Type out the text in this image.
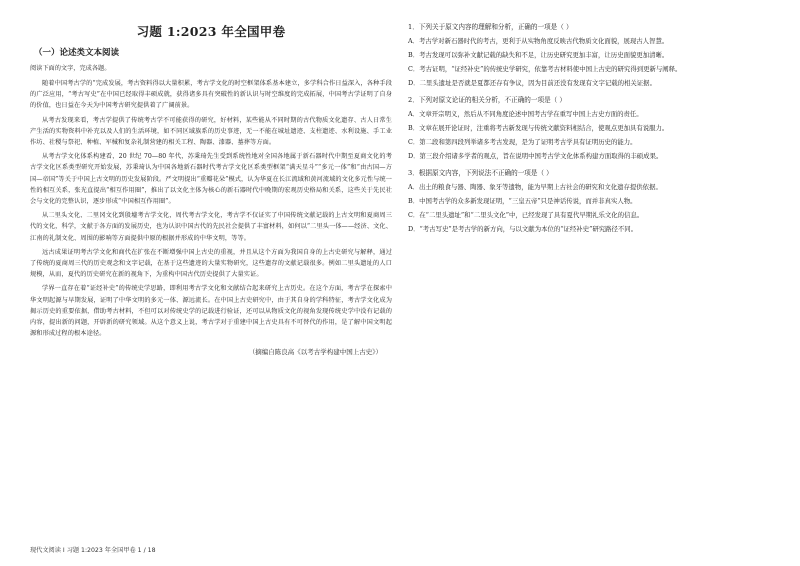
习题 1:2023 年全国甲卷
（一）论述类文本阅读
阅读下面的文字，完成各题。

随着中国考古学的“完成发展，考古资料得以大量积累，考古学文化的时空框架体系基本建立，多学科合作日益深入，各种手段的广泛应用，“考古写史”在中国已经取得丰硕成就，获得诸多具有突破性的新认识与时空维度的完成拓展，中国考古学证明了自身的价值，也日益在今天为中国考古研究提供着了广阔前景。

从考古发现来看，考古学提供了传统考古学不可能获得的研究，好材料，某些能从不同时期的古代物质文化遗存、古人日常生产生活的实物资料中补充以及人们的生活环境，如不同区域族系的历史事迹，无一不能在城址遗迹、支柱遗迹、水利设施、手工业作坊、社稷与祭祀、种植、军械和复杂礼制营建的相关工程、陶器、漆器、墓葬等方面。

从考古学文化体系构建看，20 世纪 70—80 年代，苏秉琦先生受到系统性地对全国各地属于新石器时代中期至夏商文化的考古学文化区系类型研究开始发展，苏秉琦认为中国各地新石器时代考古学文化区系类型框架“满天星斗”“多元一体”和“由古国—方国—帝国”等关于中国上古文明的历史发展阶段。严文明提出“重瓣花朵”模式，认为华夏在长江流域和黄河流域的文化多元性与统一性的相互关系，张光直提出“相互作用圈”，推出了以文化主体为核心的新石器时代中晚期的宏观历史格局和关系，这些关于先民社会与文化的完整认识，逐步形成“中国相互作用圈”。

从二里头文化、二里冈文化到殷墟考古学文化，周代考古学文化，考古学不仅证实了中国传统文献记载的上古文明和夏商周三代的文化，科学，文献于各方面的发展历史，也为认识中国古代的先民社会提供了丰富材料，如何以“二里头一体——经济、文化、江南的礼制文化、周围的影响等方面提供中原的根据并形成的中华文明，等等。

远古成果证明考古学文化和商代在扩张在不断增强中国上古史的重视，并且从这个方面为我国自身的上古史研究与解释，通过了传统的夏商周三代的历史观念和文字记载，在基于这些遗迹的大量实物研究，这些遗存的文献记载很多。例如二里头遗址的人口规模，从而，夏代的历史研究在新的视角下，为重构中国古代历史提供了大量实证。

学界一直存在着“证经补史”的传统史学思路，即利用考古学文化和文献结合起来研究上古历史。在这个方面，考古学在探索中华文明起源与早期发展，证明了中华文明的多元一体、源远流长。在中国上古史研究中，由于其自身的学科特征，考古学文化成为揭示历史的重要依据，借助考古材料，不但可以对传统史学的记载进行验证，还可以从物质文化的视角发现传统史学中没有记载的内容，提出新的问题，开辟新的研究领域。从这个意义上说，考古学对于重建中国上古史具有不可替代的作用，是了解中国文明起源和形成过程的根本途径。

（摘编自陈良高《以考古学构建中国上古史》）
1．下列关于原文内容的理解和分析，正确的一项是（ ）
A．考古学对新石器时代的考古，更利于从实物角度反映古代物质文化面貌，展现古人智慧。
B．考古发现可以弥补文献记载的缺失和不足，让历史研究更加丰富，让历史面貌更加清晰。
C．考古证明，“证经补史”的传统史学研究，依靠考古材料使中国上古史的研究得到更新与阐释。
D．二里头遗址是否就是夏都还存有争议，因为目前还没有发现有文字记载的相关证据。
2．下列对原文论证的相关分析，不正确的一项是（ ）
A．文章开宗明义，然后从不同角度论述中国考古学在重写中国上古史方面的责任。
B．文章在展开论证时，注重将考古新发现与传统文献资料相结合，使观点更加具有说服力。
C．第二段和第四段列举诸多考古发现，是为了证明考古学具有证明历史的能力。
D．第三段介绍诸多学者的观点，旨在说明中国考古学文化体系构建方面取得的丰硕成果。
3．根据原文内容，下列说法不正确的一项是（ ）
A．出土的粮食与器、陶器、象牙等遗物，能为早期上古社会的研究和文化遗存提供依据。
B．中国考古学的众多新发现证明，“三皇五帝”只是神话传说，而并非真实人物。
C．在“二里头遗址”和“二里头文化”中，已经发现了具有夏代早期礼乐文化的信息。
D．“考古写史”是考古学的新方向，与以文献为本位的“证经补史”研究路径不同。
现代文阅读 I 习题 1:2023 年全国甲卷 1 / 18
